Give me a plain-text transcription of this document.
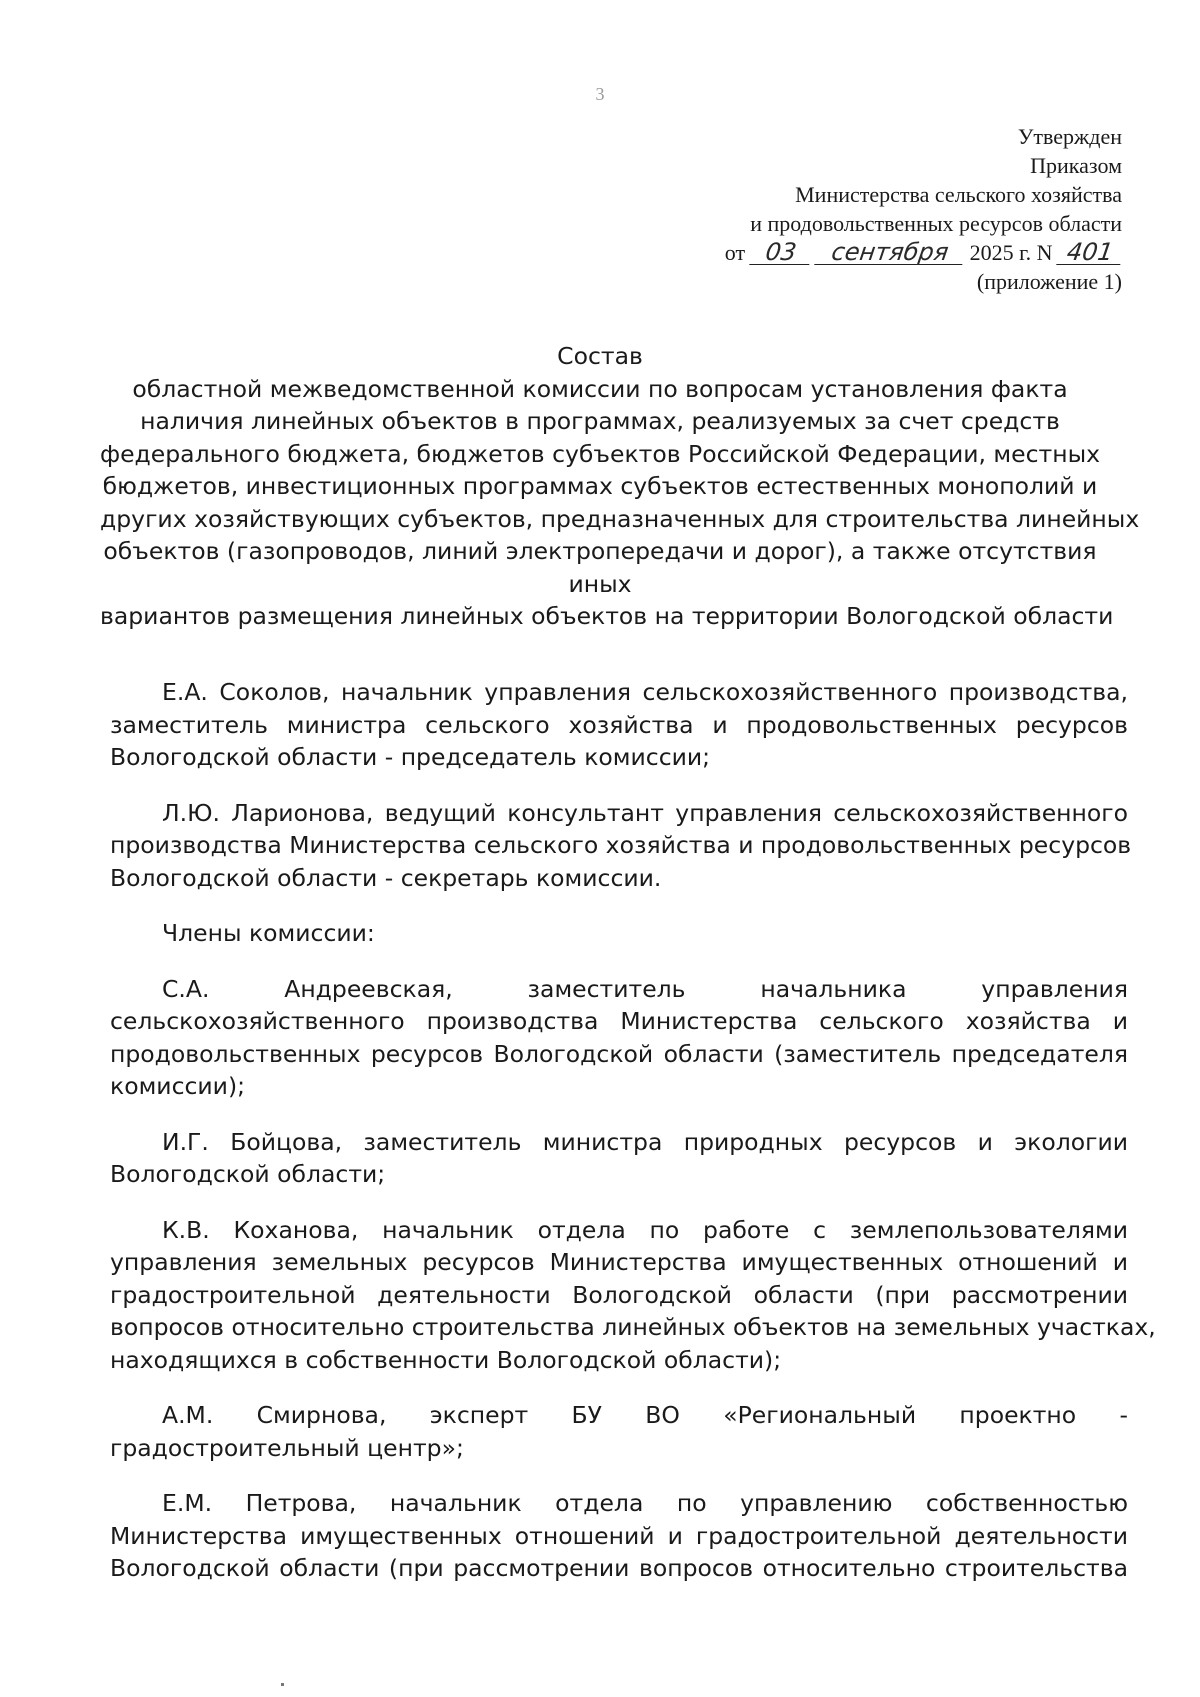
3
Утвержден
Приказом
Министерства сельского хозяйства
и продовольственных ресурсов области
от 03 сентября 2025 г. N 401
(приложение 1)
Состав
областной межведомственной комиссии по вопросам установления факта
наличия линейных объектов в программах, реализуемых за счет средств
федерального бюджета, бюджетов субъектов Российской Федерации, местных
бюджетов, инвестиционных программах субъектов естественных монополий и
других хозяйствующих субъектов, предназначенных для строительства линейных
объектов (газопроводов, линий электропередачи и дорог), а также отсутствия
иных
вариантов размещения линейных объектов на территории Вологодской области
Е.А. Соколов, начальник управления сельскохозяйственного производства,
заместитель министра сельского хозяйства и продовольственных ресурсов
Вологодской области - председатель комиссии;
Л.Ю. Ларионова, ведущий консультант управления сельскохозяйственного
производства Министерства сельского хозяйства и продовольственных ресурсов
Вологодской области - секретарь комиссии.
Члены комиссии:
С.А. Андреевская, заместитель начальника управления
сельскохозяйственного производства Министерства сельского хозяйства и
продовольственных ресурсов Вологодской области (заместитель председателя
комиссии);
И.Г. Бойцова, заместитель министра природных ресурсов и экологии
Вологодской области;
К.В. Коханова, начальник отдела по работе с землепользователями
управления земельных ресурсов Министерства имущественных отношений и
градостроительной деятельности Вологодской области (при рассмотрении
вопросов относительно строительства линейных объектов на земельных участках,
находящихся в собственности Вологодской области);
А.М. Смирнова, эксперт БУ ВО «Региональный проектно -
градостроительный центр»;
Е.М. Петрова, начальник отдела по управлению собственностью
Министерства имущественных отношений и градостроительной деятельности
Вологодской области (при рассмотрении вопросов относительно строительства
